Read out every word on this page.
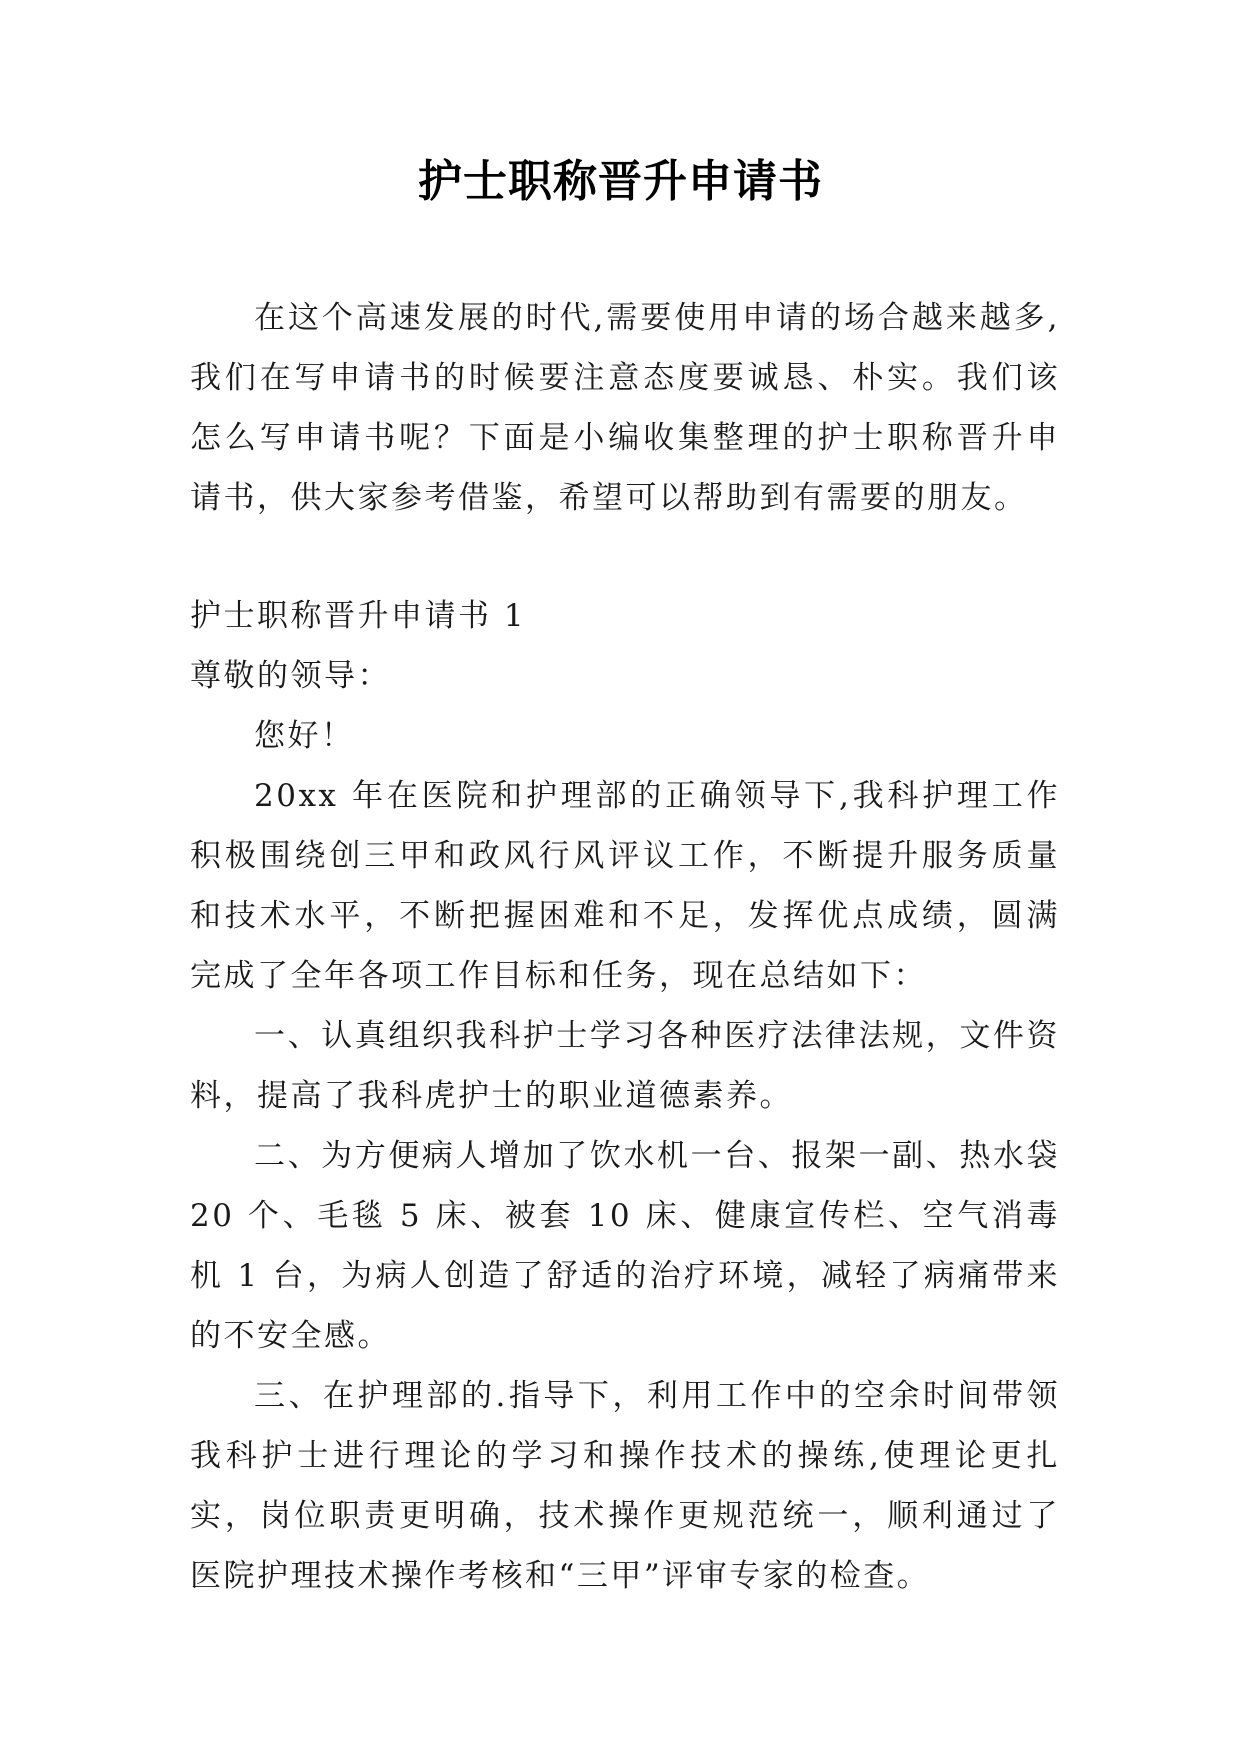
护士职称晋升申请书

在这个高速发展的时代,需要使用申请的场合越来越多,我们在写申请书的时候要注意态度要诚恳、朴实。我们该怎么写申请书呢？下面是小编收集整理的护士职称晋升申请书，供大家参考借鉴，希望可以帮助到有需要的朋友。

护士职称晋升申请书 1

尊敬的领导：

您好！

20xx 年在医院和护理部的正确领导下,我科护理工作积极围绕创三甲和政风行风评议工作，不断提升服务质量和技术水平，不断把握困难和不足，发挥优点成绩，圆满完成了全年各项工作目标和任务，现在总结如下：

一、认真组织我科护士学习各种医疗法律法规，文件资料，提高了我科虎护士的职业道德素养。

二、为方便病人增加了饮水机一台、报架一副、热水袋 20 个、毛毯 5 床、被套 10 床、健康宣传栏、空气消毒机 1 台，为病人创造了舒适的治疗环境，减轻了病痛带来的不安全感。

三、在护理部的.指导下，利用工作中的空余时间带领我科护士进行理论的学习和操作技术的操练,使理论更扎实，岗位职责更明确，技术操作更规范统一，顺利通过了医院护理技术操作考核和“三甲”评审专家的检查。
